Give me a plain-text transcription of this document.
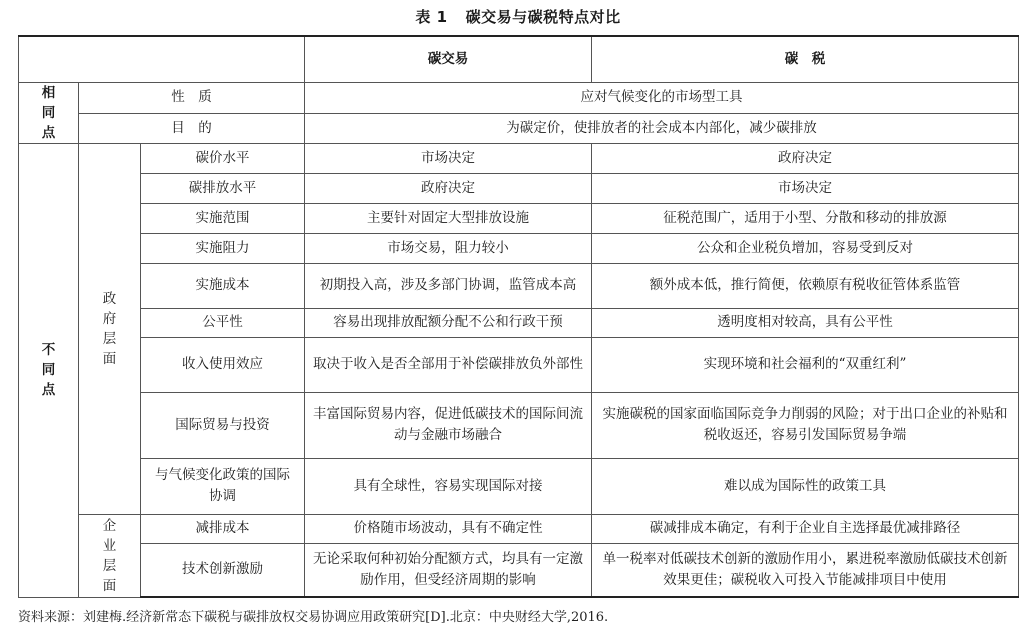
表 1 碳交易与碳税特点对比
			碳交易	碳　税

相
同
点	性　质		应对气候变化的市场型工具	
	目　的		为碳定价，使排放者的社会成本内部化，减少碳排放	

不
同
点	政
府
层
面	碳价水平	市场决定	政府决定
		碳排放水平	政府决定	市场决定
		实施范围	主要针对固定大型排放设施	征税范围广，适用于小型、分散和移动的排放源
		实施阻力	市场交易，阻力较小	公众和企业税负增加，容易受到反对
		实施成本	初期投入高，涉及多部门协调，监管成本高	额外成本低，推行简便，依赖原有税收征管体系监管
		公平性	容易出现排放配额分配不公和行政干预	透明度相对较高，具有公平性
		收入使用效应	取决于收入是否全部用于补偿碳排放负外部性	实现环境和社会福利的“双重红利”
		国际贸易与投资	丰富国际贸易内容，促进低碳技术的国际间流动与金融市场融合	实施碳税的国家面临国际竞争力削弱的风险；对于出口企业的补贴和税收返还，容易引发国际贸易争端
		与气候变化政策的国际协调	具有全球性，容易实现国际对接	难以成为国际性的政策工具

	企
业
层
面	减排成本	价格随市场波动，具有不确定性	碳减排成本确定，有利于企业自主选择最优减排路径
		技术创新激励	无论采取何种初始分配额方式，均具有一定激励作用，但受经济周期的影响	单一税率对低碳技术创新的激励作用小，累进税率激励低碳技术创新效果更佳；碳税收入可投入节能减排项目中使用
资料来源：刘建梅.经济新常态下碳税与碳排放权交易协调应用政策研究[D].北京：中央财经大学,2016.
